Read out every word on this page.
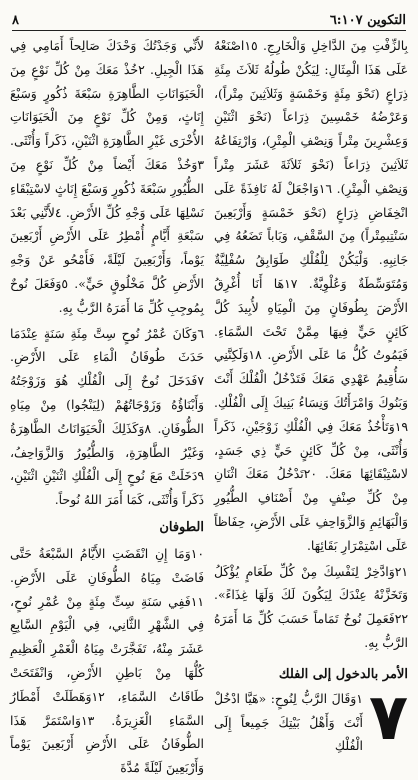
التكوين ٦:١٠٧
٨

بِالزِّفْتِ مِنَ الدَّاخِلِ وَالْخَارِجِ. ١٥اصْنَعْهُ عَلَى هَذَا الْمِثَالِ: لِيَكُنْ طُولُهُ ثَلاَثَ مِئَةِ ذِرَاعٍ (نَحْوَ مِئَةٍ وَخَمْسَةٍ وَثَلاَثِينَ مِتْراً)، وَعَرْضُهُ خَمْسِينَ ذِرَاعاً (نَحْوَ اثْنَيْنِ وَعِشْرِينَ مِتْراً وَنِصْفِ الْمِتْرِ)، وَارْتِفَاعُهُ ثَلاَثِينَ ذِرَاعاً (نَحْوَ ثَلاَثَةَ عَشَرَ مِتْراً وَنِصْفِ الْمِتْرِ). ١٦وَاجْعَلْ لَهُ نَافِذَةً عَلَى انْخِفَاضِ ذِرَاعٍ (نَحْوَ خَمْسَةٍ وَأَرْبَعِينَ سَنْتِيمِتْراً) مِنَ السَّقْفِ، وَبَاباً تَضَعُهُ فِي جَانِبِهِ. وَلْيَكُنْ لِلْفُلْكِ طَوَابِقُ سُفْلِيَّةٌ وَمُتَوَسِّطَةٌ وَعُلْوِيَّةٌ. ١٧هَا أَنَا أُغْرِقُ الأَرْضَ بِطُوفَانٍ مِنَ الْمِيَاهِ لأُبِيدَ كُلَّ كَائِنٍ حَيٍّ فِيهَا مِمَّنْ تَحْتَ السَّمَاءِ. فَيَمُوتُ كُلُّ مَا عَلَى الأَرْضِ. ١٨وَلَكِنَّنِي سَأُقِيمُ عَهْدِي مَعَكَ فَتَدْخُلُ الْفُلْكَ أَنْتَ وَبَنُوكَ وَامْرَأَتُكَ وَنِسَاءُ بَنِيكَ إِلَى الْفُلْكِ. ١٩وَتَأْخُذُ مَعَكَ فِي الْفُلْكِ زَوْجَيْنِ، ذَكَراً وَأُنْثَى، مِنْ كُلِّ كَائِنٍ حَيٍّ ذِي جَسَدٍ، لاسْتِبْقَائِهَا مَعَكَ. ٢٠تَدْخُلُ مَعَكَ اثْنَانِ مِنْ كُلِّ صِنْفٍ مِنْ أَصْنَافِ الطُّيُورِ وَالْبَهَائِمِ وَالزَّوَاحِفِ عَلَى الأَرْضِ، حِفَاظاً عَلَى اسْتِمْرَارِ بَقَائِهَا.

٢١وَادَّخِرْ لِنَفْسِكَ مِنْ كُلِّ طَعَامٍ يُؤْكَلُ وَتَخَزَّنْهُ عِنْدَكَ لِيَكُونَ لَكَ وَلَهَا غِذَاءً». ٢٢فَعَمِلَ نُوحٌ تَمَاماً حَسَبَ كُلِّ مَا أَمَرَهُ الرَّبُّ بِهِ.

الأمر بالدخول إلى الفلك
٧
١وَقَالَ الرَّبُّ لِنُوحٍ: «هَيَّا ادْخُلْ أَنْتَ وَأَهْلُ بَيْتِكَ جَمِيعاً إِلَى الْفُلْكِ

لأَنِّي وَجَدْتُكَ وَحْدَكَ صَالِحاً أَمَامِي فِي هَذَا الْجِيلِ. ٢خُذْ مَعَكَ مِنْ كُلِّ نَوْعٍ مِنَ الْحَيَوَانَاتِ الطَّاهِرَةِ سَبْعَةَ ذُكُورٍ وَسَبْعَ إِنَاثٍ، وَمِنْ كُلِّ نَوْعٍ مِنَ الْحَيَوَانَاتِ الأُخْرَى غَيْرِ الطَّاهِرَةِ اثْنَيْنِ، ذَكَراً وَأُنْثَى. ٣وَخُذْ مَعَكَ أَيْضاً مِنْ كُلِّ نَوْعٍ مِنَ الطُّيُورِ سَبْعَةَ ذُكُورٍ وَسَبْعَ إِنَاثٍ لاسْتِبْقَاءِ نَسْلِهَا عَلَى وَجْهِ كُلِّ الأَرْضِ. ٤لأَنَّنِي بَعْدَ سَبْعَةِ أَيَّامٍ أُمْطِرُ عَلَى الأَرْضِ أَرْبَعِينَ يَوْماً، وَأَرْبَعِينَ لَيْلَةً، فَأَمْحُو عَنْ وَجْهِ الأَرْضِ كُلَّ مَخْلُوقٍ حَيٍّ». ٥وَفَعَلَ نُوحٌ بِمُوجِبِ كُلِّ مَا أَمَرَهُ الرَّبُّ بِهِ.

٦وَكَانَ عُمْرُ نُوحٍ سِتَّ مِئَةِ سَنَةٍ عِنْدَمَا حَدَثَ طُوفَانُ الْمَاءِ عَلَى الأَرْضِ. ٧فَدَخَلَ نُوحٌ إِلَى الْفُلْكِ هُوَ وَزَوْجَتُهُ وَأَبْنَاؤُهُ وَزَوْجَاتُهُمْ (لِيَنْجُوا) مِنْ مِيَاهِ الطُّوفَانِ. ٨وَكَذَلِكَ الْحَيَوَانَاتُ الطَّاهِرَةُ وَغَيْرُ الطَّاهِرَةِ، وَالطُّيُورُ وَالزَّوَاحِفُ، ٩دَخَلَتْ مَعَ نُوحٍ إِلَى الْفُلْكِ اثْنَيْنِ اثْنَيْنِ، ذَكَراً وَأُنْثَى، كَمَا أَمَرَ اللهُ نُوحاً.

الطوفان

١٠وَمَا إِنِ انْقَضَتِ الأَيَّامُ السَّبْعَةُ حَتَّى فَاضَتْ مِيَاهُ الطُّوفَانِ عَلَى الأَرْضِ. ١١فَفِي سَنَةِ سِتِّ مِئَةٍ مِنْ عُمْرِ نُوحٍ، فِي الشَّهْرِ الثَّانِي، فِي الْيَوْمِ السَّابِعِ عَشَرَ مِنْهُ، تَفَجَّرَتْ مِيَاهُ الْغَمْرِ الْعَظِيمِ كُلُّهَا مِنْ بَاطِنِ الأَرْضِ، وَانْفَتَحَتْ طَاقَاتُ السَّمَاءِ، ١٢وَهَطَلَتْ أَمْطَارُ السَّمَاءِ الْغَزِيرَةُ. ١٣وَاسْتَمَرَّ هَذَا الطُّوفَانُ عَلَى الأَرْضِ أَرْبَعِينَ يَوْماً وَأَرْبَعِينَ لَيْلَةً مُدَّةَ
